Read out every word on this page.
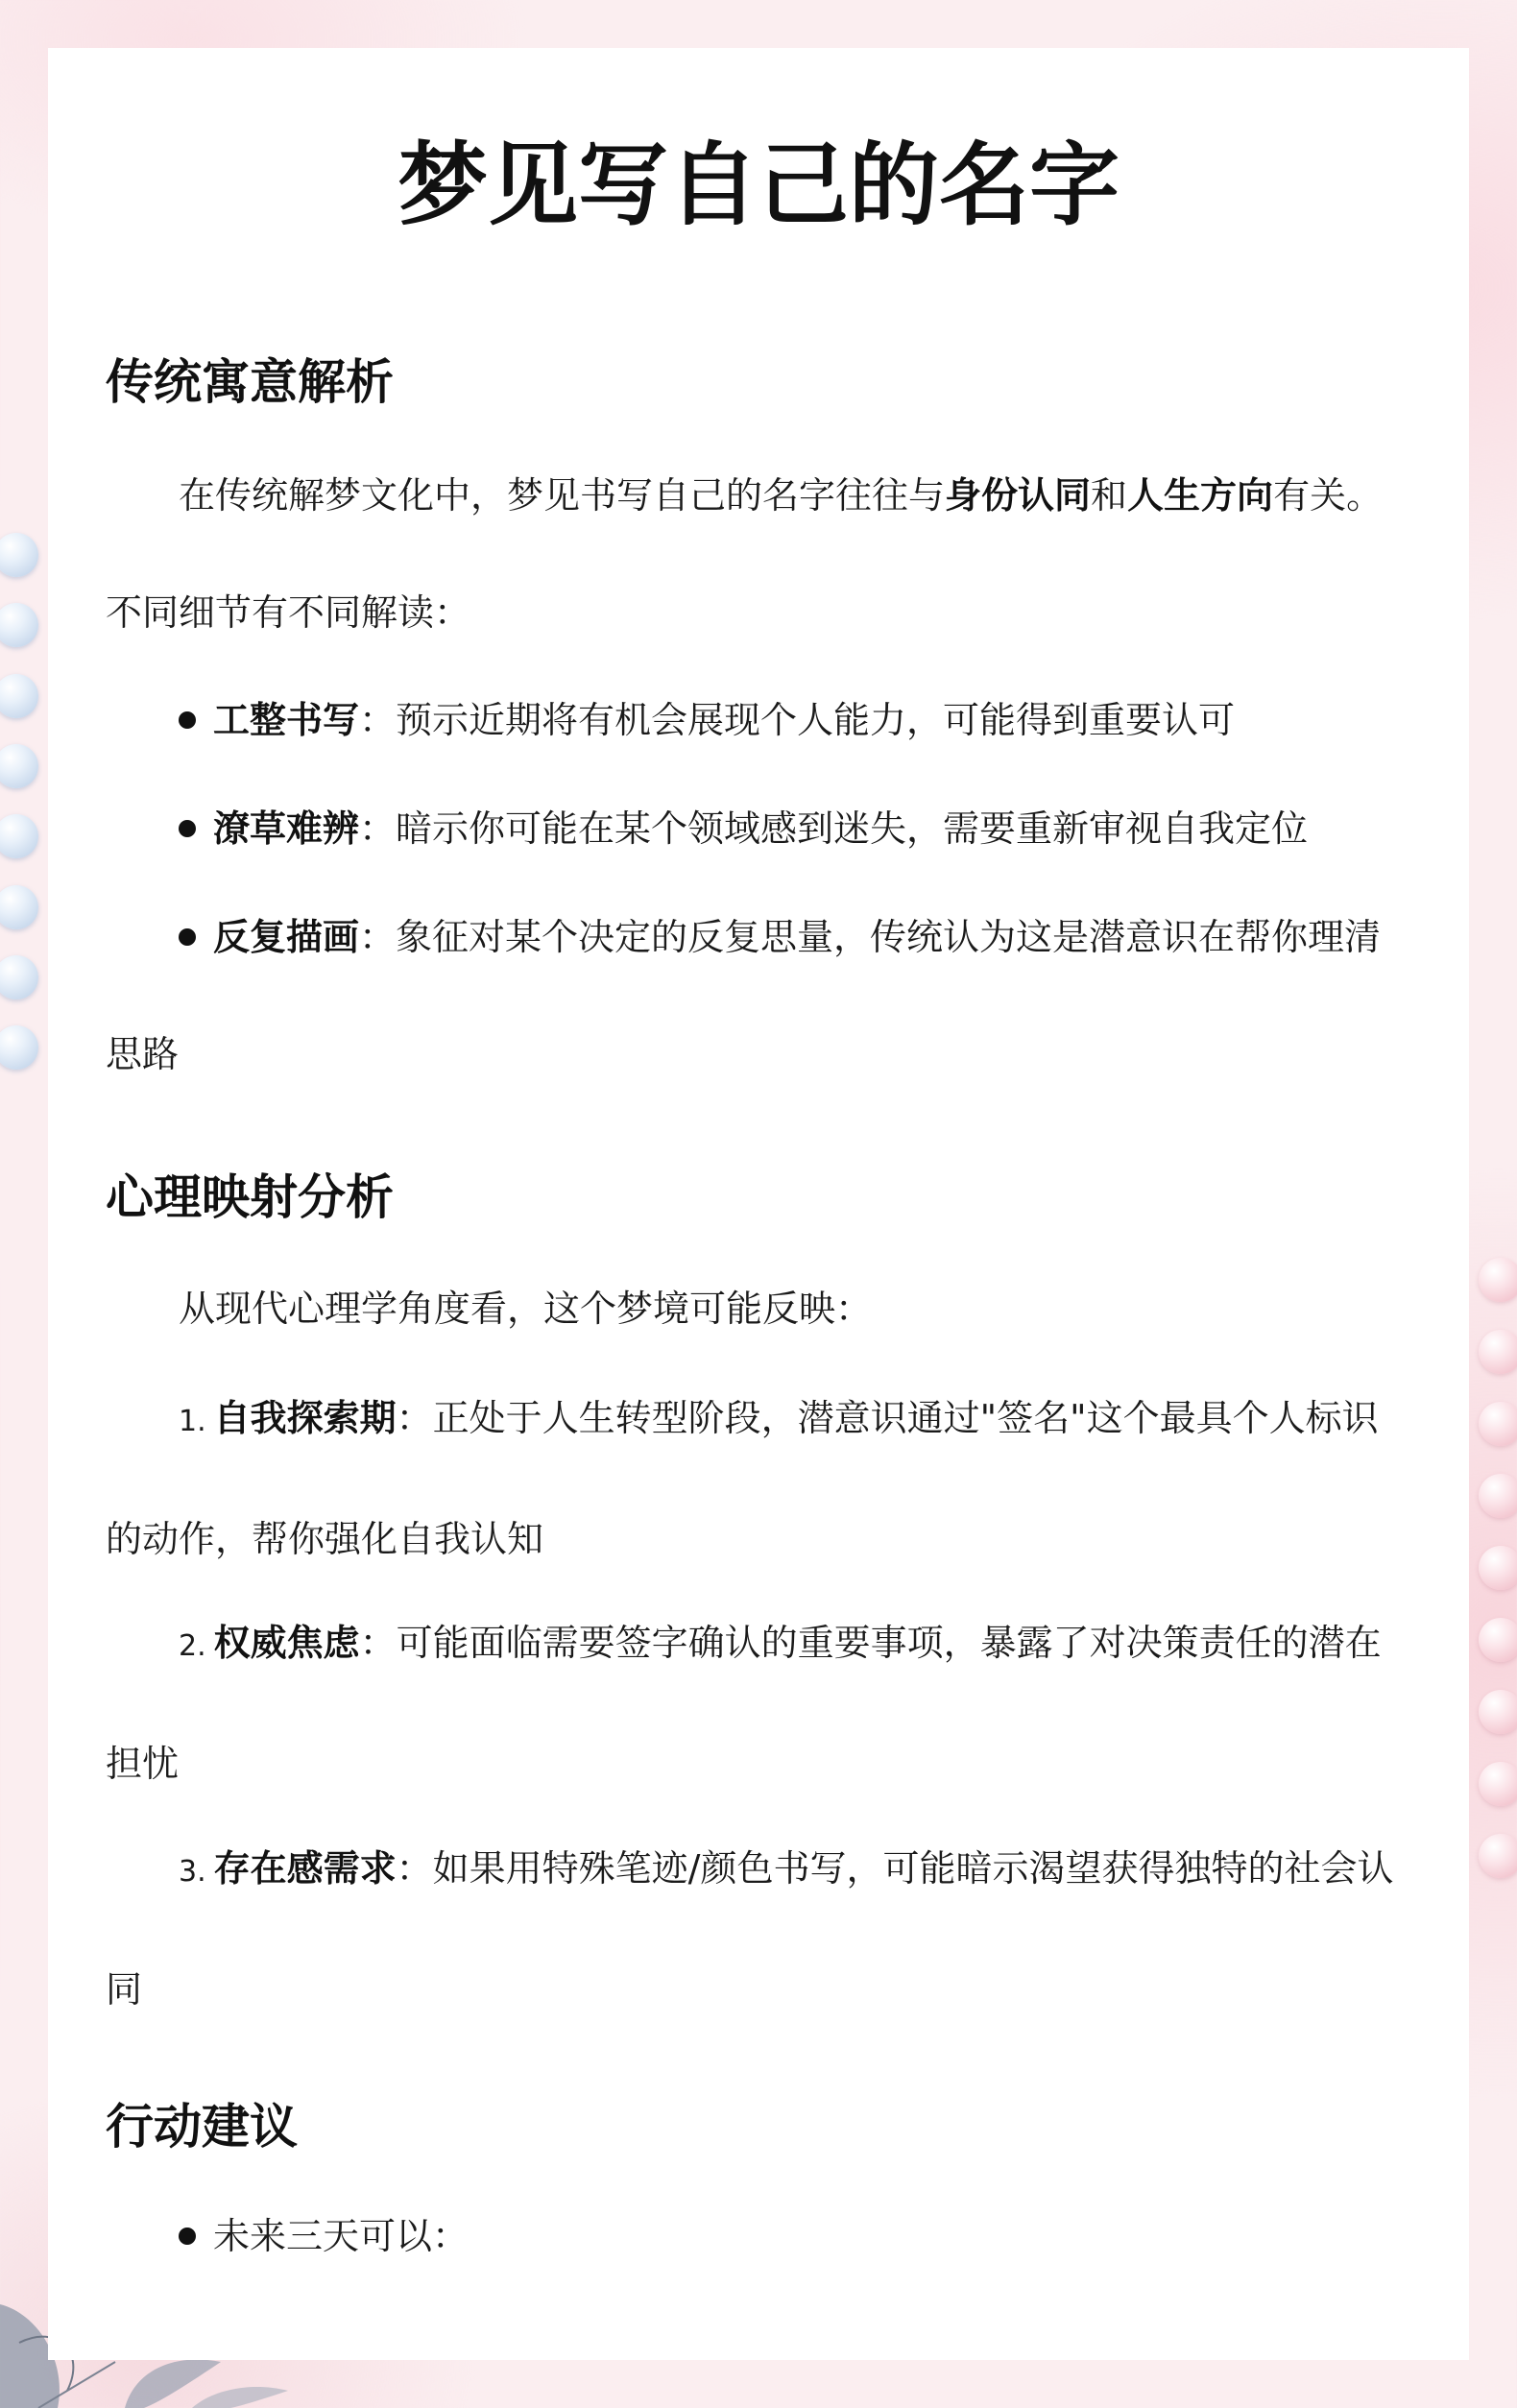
梦见写自己的名字
传统寓意解析
在传统解梦文化中，梦见书写自己的名字往往与身份认同和人生方向有关。不同细节有不同解读：
工整书写：预示近期将有机会展现个人能力，可能得到重要认可
潦草难辨：暗示你可能在某个领域感到迷失，需要重新审视自我定位
反复描画：象征对某个决定的反复思量，传统认为这是潜意识在帮你理清思路
心理映射分析
从现代心理学角度看，这个梦境可能反映：
1. 自我探索期：正处于人生转型阶段，潜意识通过"签名"这个最具个人标识的动作，帮你强化自我认知
2. 权威焦虑：可能面临需要签字确认的重要事项，暴露了对决策责任的潜在担忧
3. 存在感需求：如果用特殊笔迹/颜色书写，可能暗示渴望获得独特的社会认同
行动建议
未来三天可以：
